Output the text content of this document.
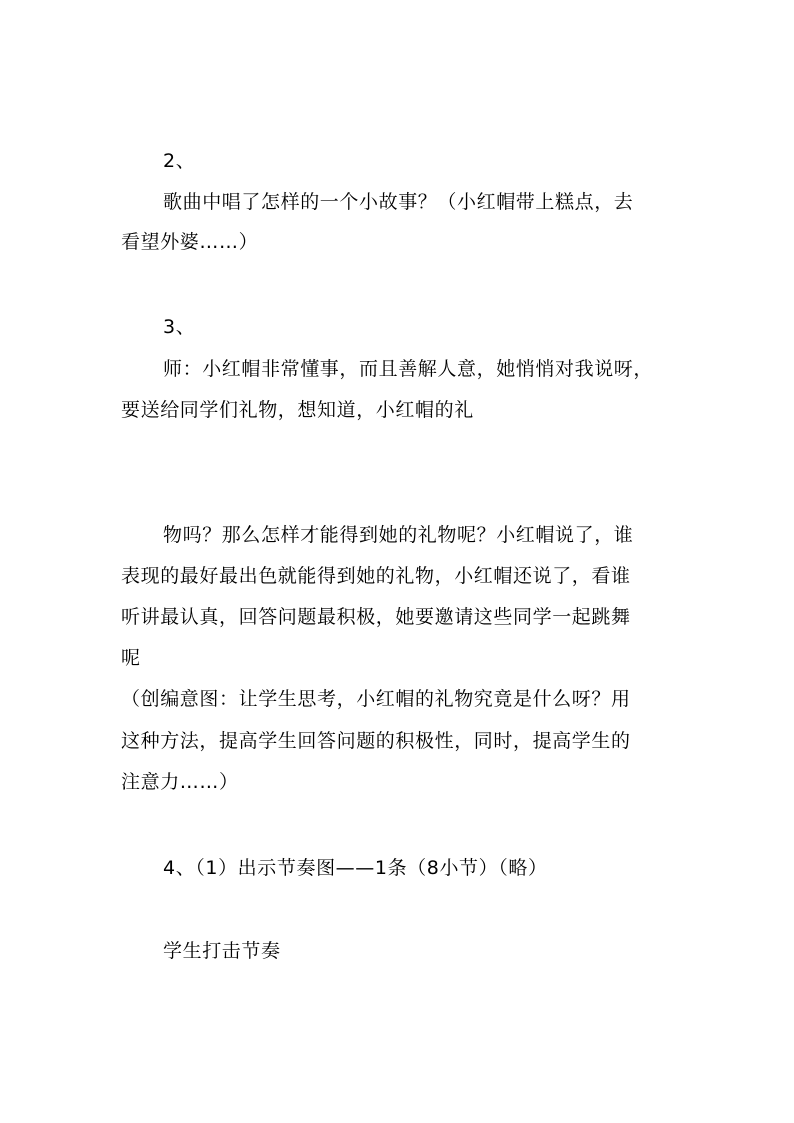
2、
歌曲中唱了怎样的一个小故事？（小红帽带上糕点，去
看望外婆……）
3、
师：小红帽非常懂事，而且善解人意，她悄悄对我说呀，
要送给同学们礼物，想知道，小红帽的礼
物吗？那么怎样才能得到她的礼物呢？小红帽说了，谁
表现的最好最出色就能得到她的礼物，小红帽还说了，看谁
听讲最认真，回答问题最积极，她要邀请这些同学一起跳舞
呢
（创编意图：让学生思考，小红帽的礼物究竟是什么呀？用
这种方法，提高学生回答问题的积极性，同时，提高学生的
注意力……）
4、（1）出示节奏图——1条（8小节）（略）
学生打击节奏
